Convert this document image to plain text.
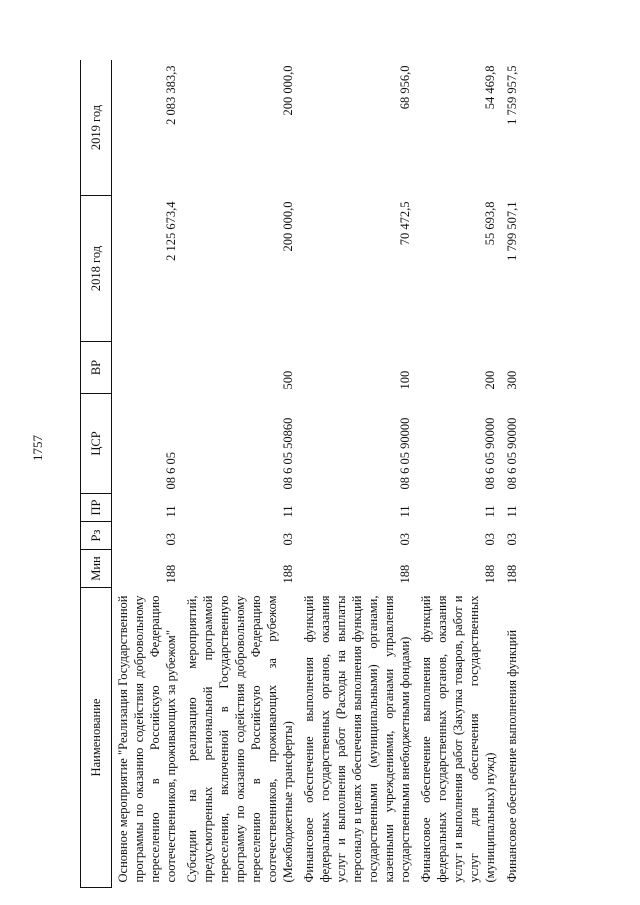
1757
Наименование	Мин	Рз	ПР	ЦСР	ВР	2018 год	2019 год
Основное мероприятие "Реализация Государственной программы по оказанию содействия добровольному переселению в Российскую Федерацию соотечественников, проживающих за рубежом"	188	03	11	08 6 05		2 125 673,4	2 083 383,3
Субсидии на реализацию мероприятий, предусмотренных региональной программой переселения, включенной в Государственную программу по оказанию содействия добровольному переселению в Российскую Федерацию соотечественников, проживающих за рубежом (Межбюджетные трансферты)	188	03	11	08 6 05 50860	500	200 000,0	200 000,0
Финансовое обеспечение выполнения функций федеральных государственных органов, оказания услуг и выполнения работ (Расходы на выплаты персоналу в целях обеспечения выполнения функций государственными (муниципальными) органами, казенными учреждениями, органами управления государственными внебюджетными фондами)	188	03	11	08 6 05 90000	100	70 472,5	68 956,0
Финансовое обеспечение выполнения функций федеральных государственных органов, оказания услуг и выполнения работ (Закупка товаров, работ и услуг для обеспечения государственных (муниципальных) нужд)	188	03	11	08 6 05 90000	200	55 693,8	54 469,8
Финансовое обеспечение выполнения функций	188	03	11	08 6 05 90000	300	1 799 507,1	1 759 957,5
